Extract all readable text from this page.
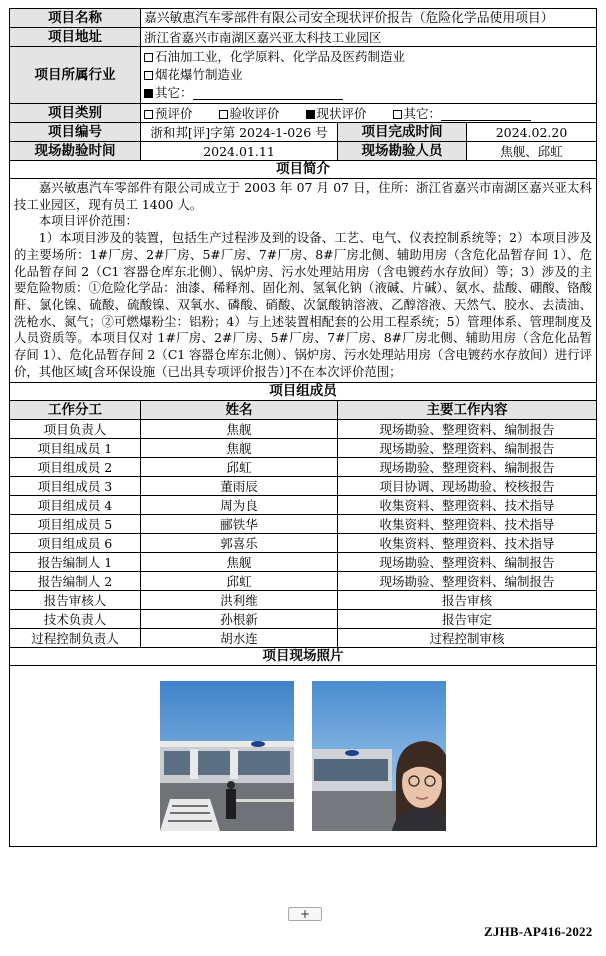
项目名称	嘉兴敏惠汽车零部件有限公司安全现状评价报告（危险化学品使用项目）		
项目地址	浙江省嘉兴市南湖区嘉兴亚太科技工业园区		
项目所属行业	石油加工业，化学原料、化学品及医药制造业
烟花爆竹制造业
其它：		

项目类别	预评价 验收评价 现状评价 其它：		
项目编号	浙和邦[评]字第 2024-1-026 号	项目完成时间	2024.02.20
现场勘验时间	2024.01.11	现场勘验人员	焦舰、邱虹
项目简介			

嘉兴敏惠汽车零部件有限公司成立于 2003 年 07 月 07 日，住所：浙江省嘉兴市南湖区嘉兴亚太科技工业园区，现有员工 1400 人。

本项目评价范围：

1）本项目涉及的装置，包括生产过程涉及到的设备、工艺、电气、仪表控制系统等；2）本项目涉及的主要场所：1#厂房、2#厂房、5#厂房、7#厂房、8#厂房北侧、辅助用房（含危化品暂存间 1）、危化品暂存间 2（C1 容器仓库东北侧）、锅炉房、污水处理站用房（含电镀药水存放间）等；3）涉及的主要危险物质：①危险化学品：油漆、稀释剂、固化剂、氢氧化钠（液碱、片碱）、氨水、盐酸、硼酸、铬酸酐、氯化镍、硫酸、硫酸镍、双氧水、磷酸、硝酸、次氯酸钠溶液、乙醇溶液、天然气、胶水、去渍油、洗枪水、氮气；②可燃爆粉尘：铝粉；4）与上述装置相配套的公用工程系统；5）管理体系、管理制度及人员资质等。本项目仅对 1#厂房、2#厂房、5#厂房、7#厂房、8#厂房北侧、辅助用房（含危化品暂存间 1）、危化品暂存间 2（C1 容器仓库东北侧）、锅炉房、污水处理站用房（含电镀药水存放间）进行评价，其他区域[含环保设施（已出具专项评价报告）]不在本次评价范围；			

项目组成员			
工作分工	姓名	主要工作内容	
项目负责人	焦舰	现场勘验、整理资料、编制报告	
项目组成员 1	焦舰	现场勘验、整理资料、编制报告	
项目组成员 2	邱虹	现场勘验、整理资料、编制报告	
项目组成员 3	董雨辰	项目协调、现场勘验、校核报告	
项目组成员 4	周为良	收集资料、整理资料、技术指导	
项目组成员 5	郦铁华	收集资料、整理资料、技术指导	
项目组成员 6	郭喜乐	收集资料、整理资料、技术指导	
报告编制人 1	焦舰	现场勘验、整理资料、编制报告	
报告编制人 2	邱虹	现场勘验、整理资料、编制报告	
报告审核人	洪利维	报告审核	
技术负责人	孙根新	报告审定	
过程控制负责人	胡水连	过程控制审核	
项目现场照片			

+
ZJHB-AP416-2022
